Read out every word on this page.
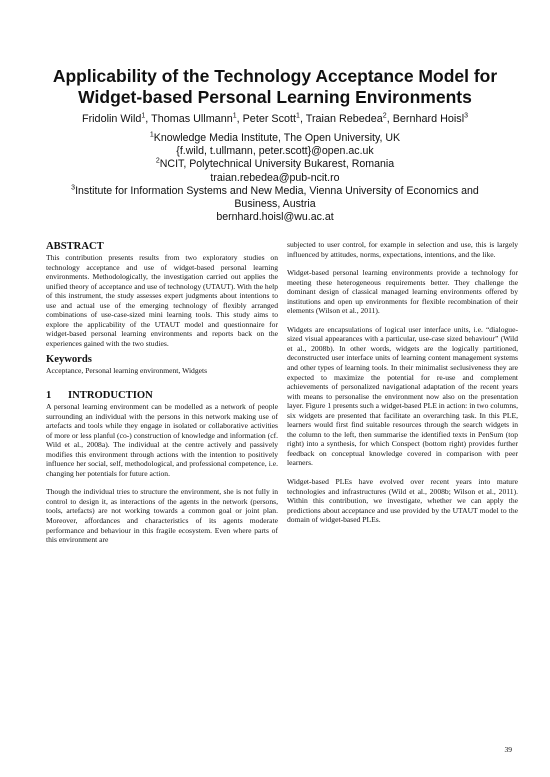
Applicability of the Technology Acceptance Model for
Widget-based Personal Learning Environments
Fridolin Wild$^1$, Thomas Ullmann$^1$, Peter Scott$^1$, Traian Rebedea$^2$, Bernhard Hoisl$^3$

$^1$Knowledge Media Institute, The Open University, UK

{f.wild, t.ullmann, peter.scott}@open.ac.uk

$^2$NCIT, Polytechnical University Bukarest, Romania

traian.rebedea@pub-ncit.ro

$^3$Institute for Information Systems and New Media, Vienna University of Economics and

Business, Austria

bernhard.hoisl@wu.ac.at

ABSTRACT

This contribution presents results from two exploratory studies on technology acceptance and use of widget-based personal learning environments. Methodologically, the investigation carried out applies the unified theory of acceptance and use of technology (UTAUT). With the help of this instrument, the study assesses expert judgments about intentions to use and actual use of the emerging technology of flexibly arranged combinations of use-case-sized mini learning tools. This study aims to explore the applicability of the UTAUT model and questionnaire for widget-based personal learning environments and reports back on the experiences gained with the two studies.

Keywords

Acceptance, Personal learning environment, Widgets

1 INTRODUCTION

A personal learning environment can be modelled as a network of people surrounding an individual with the persons in this network making use of artefacts and tools while they engage in isolated or collaborative activities of more or less planful (co-) construction of knowledge and information (cf. Wild et al., 2008a). The individual at the centre actively and passively modifies this environment through actions with the intention to positively influence her social, self, methodological, and professional competence, i.e. changing her potentials for future action.

Though the individual tries to structure the environment, she is not fully in control to design it, as interactions of the agents in the network (persons, tools, artefacts) are not working towards a common goal or joint plan. Moreover, affordances and characteristics of its agents moderate performance and behaviour in this fragile ecosystem. Even where parts of this environment are

subjected to user control, for example in selection and use, this is largely influenced by attitudes, norms, expectations, intentions, and the like.

Widget-based personal learning environments provide a technology for meeting these heterogeneous requirements better. They challenge the dominant design of classical managed learning environments offered by institutions and open up environments for flexible recombination of their elements (Wilson et al., 2011).

Widgets are encapsulations of logical user interface units, i.e. “dialogue-sized visual appearances with a particular, use-case sized behaviour” (Wild et al., 2008b). In other words, widgets are the logically partitioned, deconstructed user interface units of learning content management systems and other types of learning tools. In their minimalist seclusiveness they are expected to maximize the potential for re-use and complement achievements of personalized navigational adaptation of the recent years with means to personalise the environment now also on the presentation layer. Figure 1 presents such a widget-based PLE in action: in two columns, six widgets are presented that facilitate an overarching task. In this PLE, learners would first find suitable resources through the search widgets in the column to the left, then summarise the identified texts in PenSum (top right) into a synthesis, for which Conspect (bottom right) provides further feedback on conceptual knowledge covered in comparison with peer learners.

Widget-based PLEs have evolved over recent years into mature technologies and infrastructures (Wild et al., 2008b; Wilson et al., 2011). Within this contribution, we investigate, whether we can apply the predictions about acceptance and use provided by the UTAUT model to the domain of widget-based PLEs.

39
